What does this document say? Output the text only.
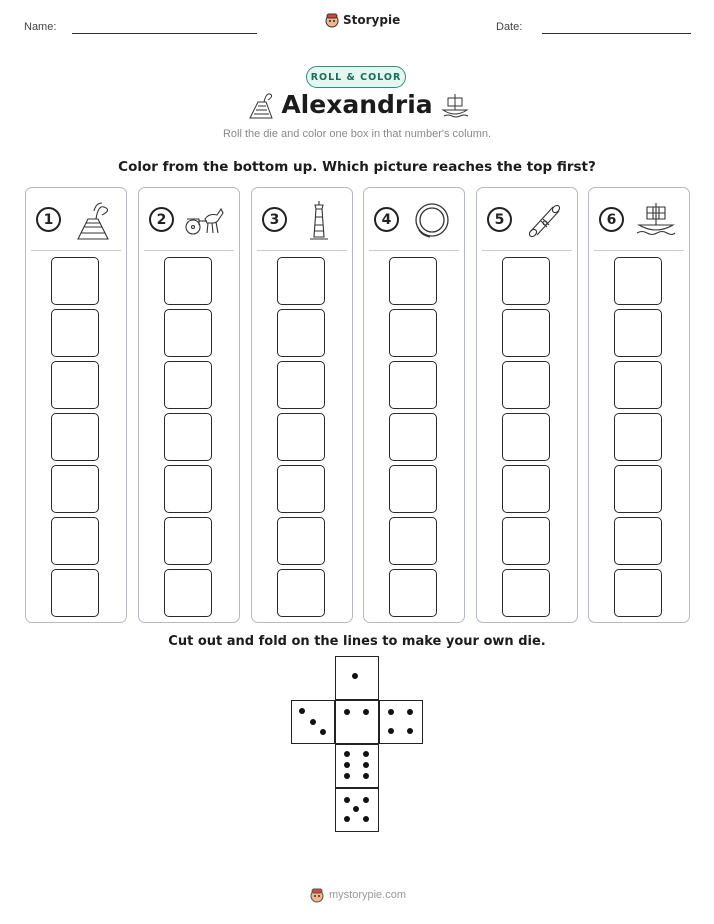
Name:	Storypie	Date:
ROLL & COLOR
Alexandria
Roll the die and color one box in that number's column.
Color from the bottom up. Which picture reaches the top first?
1	2	3	4	5	6
Cut out and fold on the lines to make your own die.
mystorypie.com
